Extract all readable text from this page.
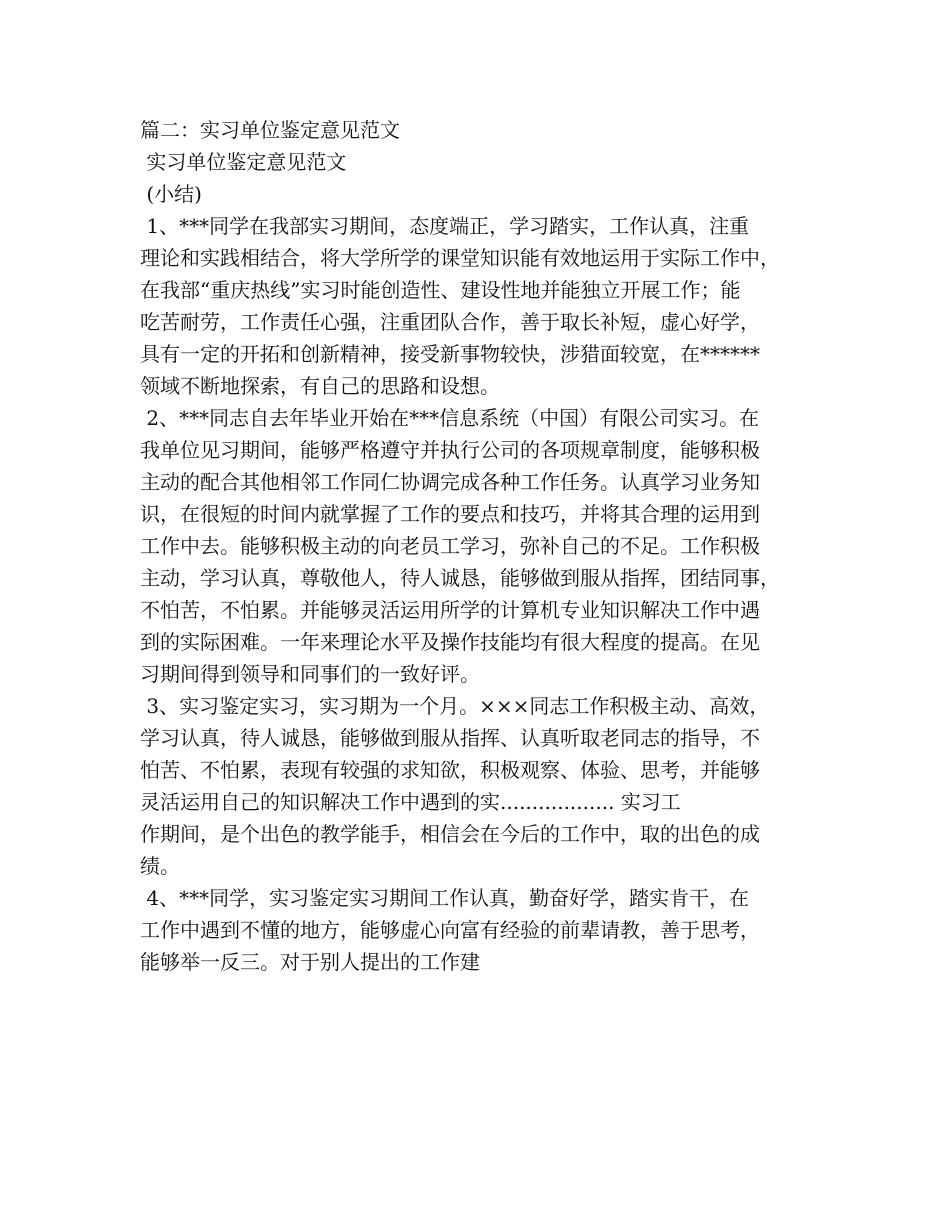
篇二：实习单位鉴定意见范文
实习单位鉴定意见范文
(小结)
1、***同学在我部实习期间，态度端正，学习踏实，工作认真，注重
理论和实践相结合，将大学所学的课堂知识能有效地运用于实际工作中，
在我部“重庆热线”实习时能创造性、建设性地并能独立开展工作；能
吃苦耐劳，工作责任心强，注重团队合作，善于取长补短，虚心好学，
具有一定的开拓和创新精神，接受新事物较快，涉猎面较宽，在******
领域不断地探索，有自己的思路和设想。
2、***同志自去年毕业开始在***信息系统（中国）有限公司实习。在
我单位见习期间，能够严格遵守并执行公司的各项规章制度，能够积极
主动的配合其他相邻工作同仁协调完成各种工作任务。认真学习业务知
识，在很短的时间内就掌握了工作的要点和技巧，并将其合理的运用到
工作中去。能够积极主动的向老员工学习，弥补自己的不足。工作积极
主动，学习认真，尊敬他人，待人诚恳，能够做到服从指挥，团结同事，
不怕苦，不怕累。并能够灵活运用所学的计算机专业知识解决工作中遇
到的实际困难。一年来理论水平及操作技能均有很大程度的提高。在见
习期间得到领导和同事们的一致好评。
3、实习鉴定实习，实习期为一个月。×××同志工作积极主动、高效，
学习认真，待人诚恳，能够做到服从指挥、认真听取老同志的指导，不
怕苦、不怕累，表现有较强的求知欲，积极观察、体验、思考，并能够
灵活运用自己的知识解决工作中遇到的实.................. 实习工
作期间，是个出色的教学能手，相信会在今后的工作中，取的出色的成
绩。
4、***同学，实习鉴定实习期间工作认真，勤奋好学，踏实肯干，在
工作中遇到不懂的地方，能够虚心向富有经验的前辈请教，善于思考，
能够举一反三。对于别人提出的工作建
